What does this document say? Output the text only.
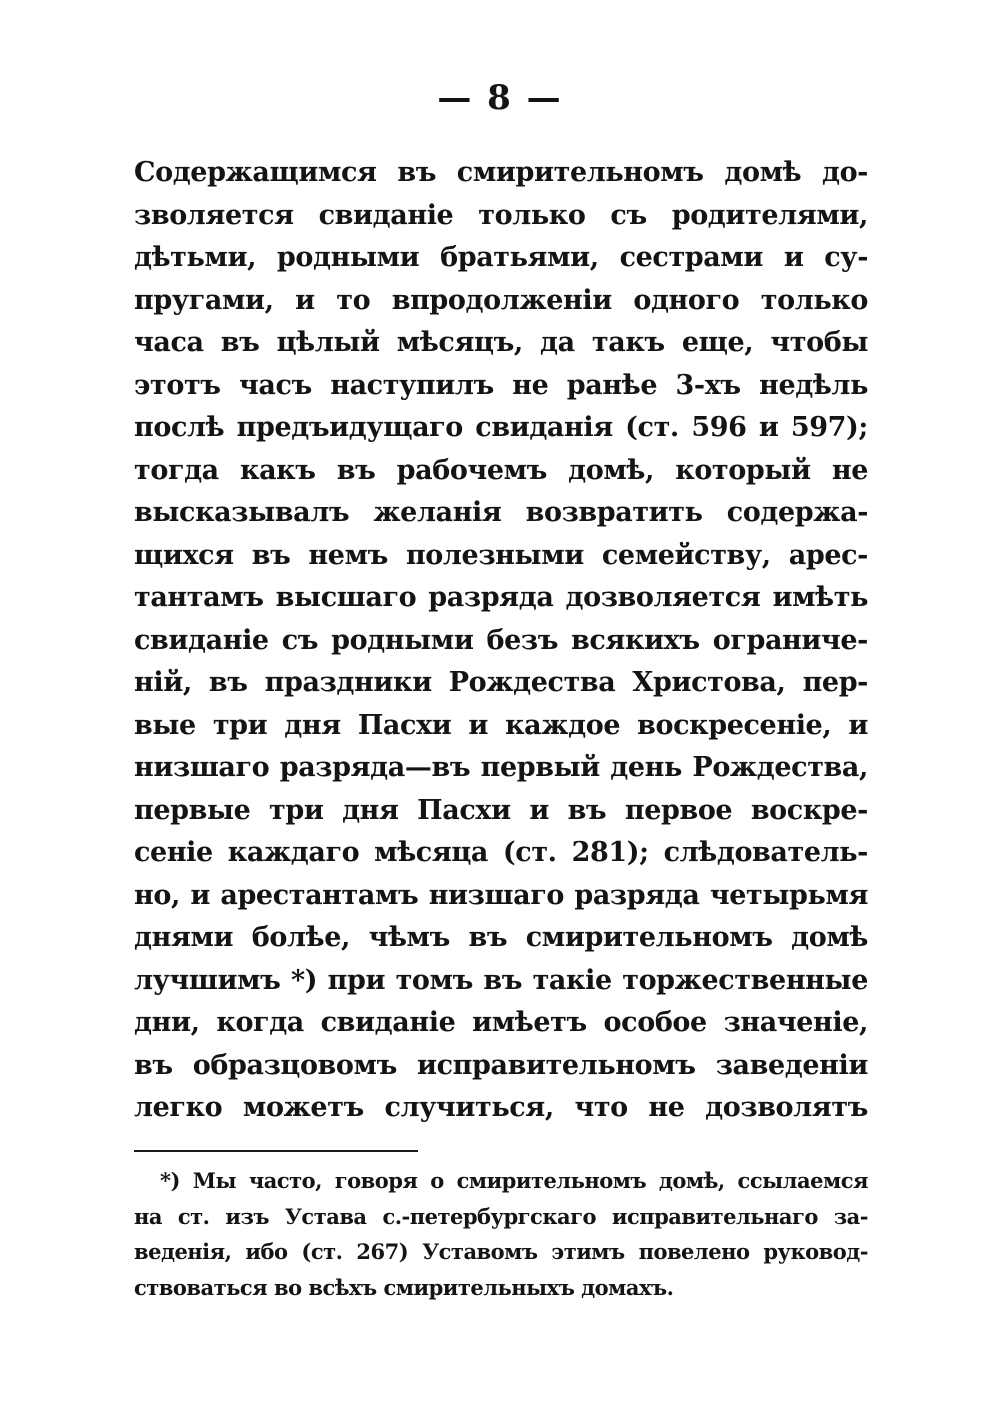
— 8 —
Содержащимся въ смирительномъ домѣ до-
зволяется свиданіе только съ родителями,
дѣтьми, родными братьями, сестрами и су-
пругами, и то впродолженіи одного только
часа въ цѣлый мѣсяцъ, да такъ еще, чтобы
этотъ часъ наступилъ не ранѣе 3-хъ недѣль
послѣ предъидущаго свиданія (ст. 596 и 597);
тогда какъ въ рабочемъ домѣ, который не
высказывалъ желанія возвратить содержа-
щихся въ немъ полезными семейству, арес-
тантамъ высшаго разряда дозволяется имѣть
свиданіе съ родными безъ всякихъ ограниче-
ній, въ праздники Рождества Христова, пер-
вые три дня Пасхи и каждое воскресеніе, и
низшаго разряда—въ первый день Рождества,
первые три дня Пасхи и въ первое воскре-
сеніе каждаго мѣсяца (ст. 281); слѣдователь-
но, и арестантамъ низшаго разряда четырьмя
днями болѣе, чѣмъ въ смирительномъ домѣ
лучшимъ *) при томъ въ такіе торжественные
дни, когда свиданіе имѣетъ особое значеніе,
въ образцовомъ исправительномъ заведеніи
легко можетъ случиться, что не дозволятъ
*) Мы часто, говоря о смирительномъ домѣ, ссылаемся
на ст. изъ Устава с.-петербургскаго исправительнаго за-
веденія, ибо (ст. 267) Уставомъ этимъ повелено руковод-
ствоваться во всѣхъ смирительныхъ домахъ.
